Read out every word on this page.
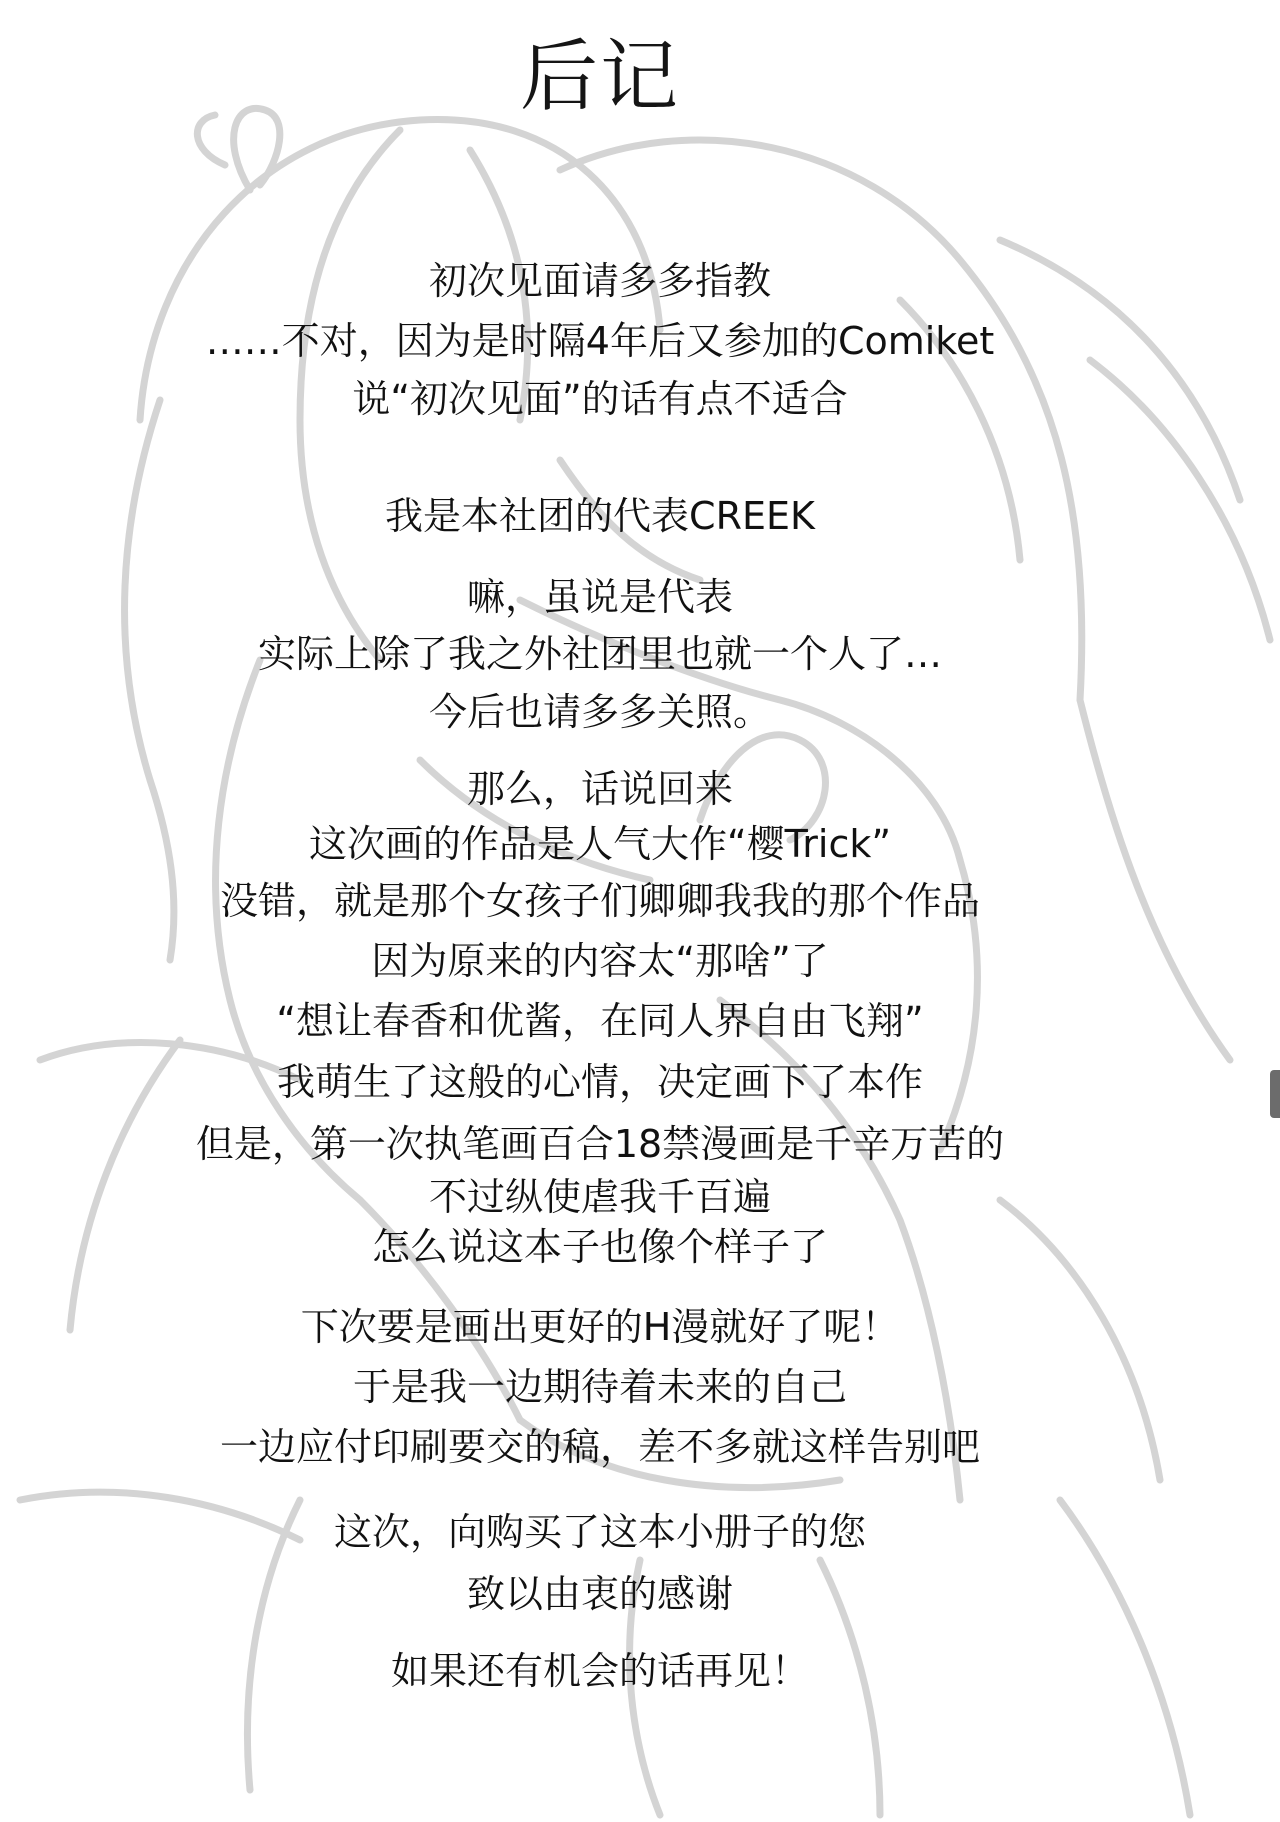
后记
初次见面请多多指教
……不对，因为是时隔4年后又参加的Comiket
说“初次见面”的话有点不适合
我是本社团的代表CREEK
嘛，虽说是代表
实际上除了我之外社团里也就一个人了…
今后也请多多关照。
那么，话说回来
这次画的作品是人气大作“樱Trick”
没错，就是那个女孩子们卿卿我我的那个作品
因为原来的内容太“那啥”了
“想让春香和优酱，在同人界自由飞翔”
我萌生了这般的心情，决定画下了本作
但是，第一次执笔画百合18禁漫画是千辛万苦的
不过纵使虐我千百遍
怎么说这本子也像个样子了
下次要是画出更好的H漫就好了呢！
于是我一边期待着未来的自己
一边应付印刷要交的稿，差不多就这样告别吧
这次，向购买了这本小册子的您
致以由衷的感谢
如果还有机会的话再见！
